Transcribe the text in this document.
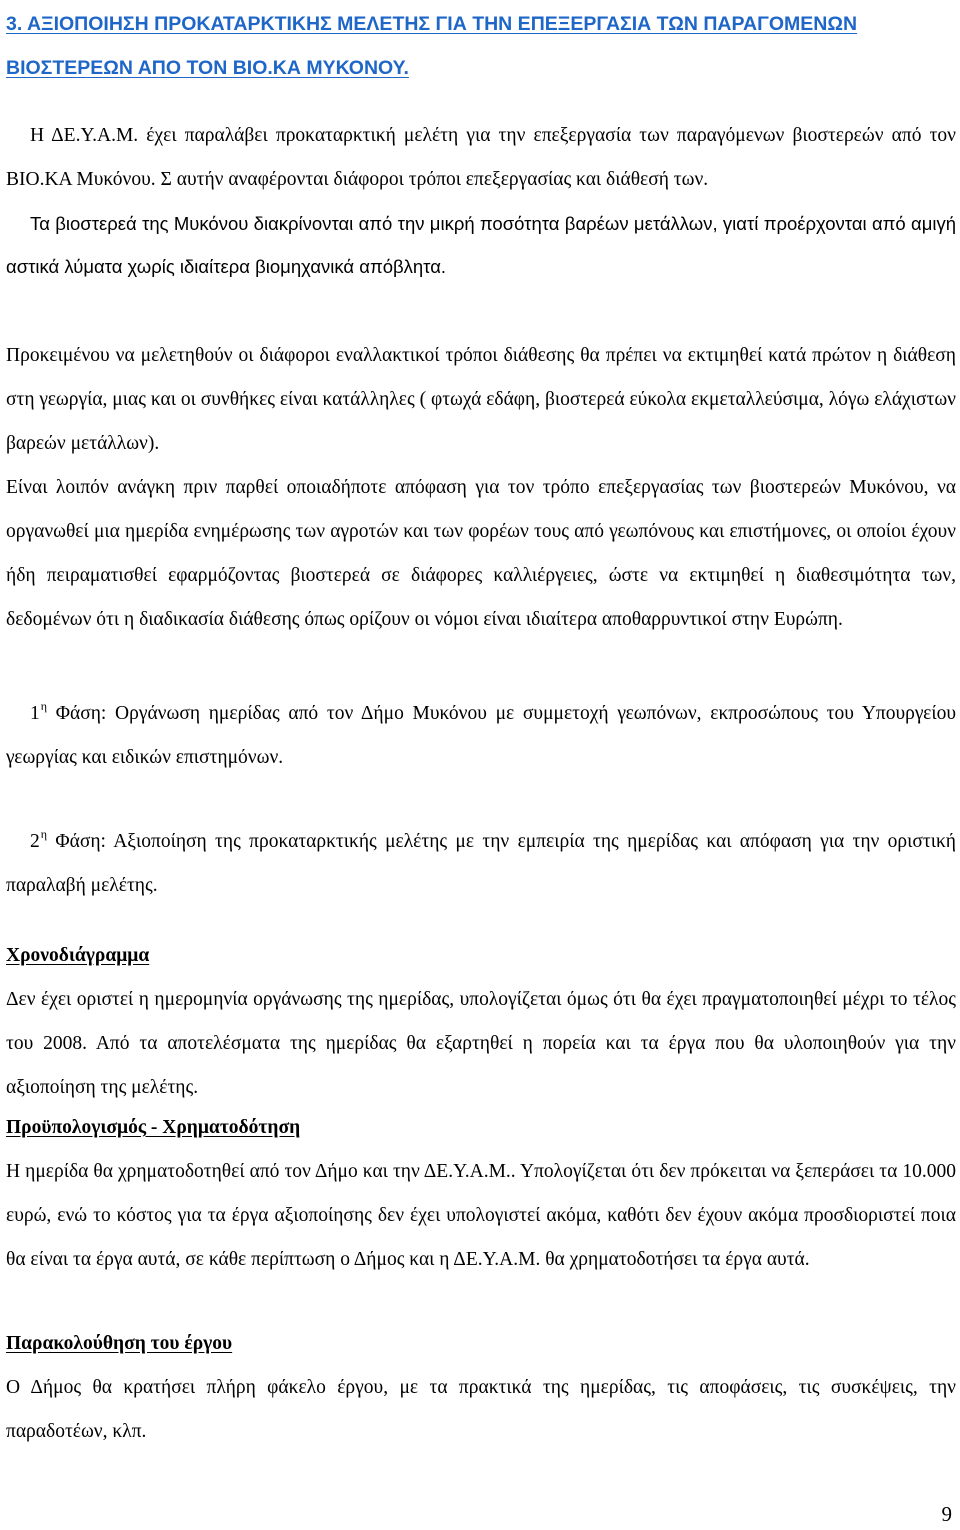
3. ΑΞΙΟΠΟΙΗΣΗ ΠΡΟΚΑΤΑΡΚΤΙΚΗΣ ΜΕΛΕΤΗΣ ΓΙΑ ΤΗΝ ΕΠΕΞΕΡΓΑΣΙΑ ΤΩΝ ΠΑΡΑΓΟΜΕΝΩΝ ΒΙΟΣΤΕΡΕΩΝ ΑΠΟ ΤΟΝ ΒΙΟ.ΚΑ ΜΥΚΟΝΟΥ.

Η ΔΕ.Υ.Α.Μ. έχει παραλάβει προκαταρκτική μελέτη για την επεξεργασία των παραγόμενων βιοστερεών από τον ΒΙΟ.ΚΑ Μυκόνου. Σ αυτήν αναφέρονται διάφοροι τρόποι επεξεργασίας και διάθεσή των.

Τα βιοστερεά της Μυκόνου διακρίνονται από την μικρή ποσότητα βαρέων μετάλλων, γιατί προέρχονται από αμιγή αστικά λύματα χωρίς ιδιαίτερα βιομηχανικά απόβλητα.

Προκειμένου να μελετηθούν οι διάφοροι εναλλακτικοί τρόποι διάθεσης θα πρέπει να εκτιμηθεί κατά πρώτον η διάθεση στη γεωργία, μιας και οι συνθήκες είναι κατάλληλες ( φτωχά εδάφη, βιοστερεά εύκολα εκμεταλλεύσιμα, λόγω ελάχιστων βαρεών μετάλλων).

Είναι λοιπόν ανάγκη πριν παρθεί οποιαδήποτε απόφαση για τον τρόπο επεξεργασίας των βιοστερεών Μυκόνου, να οργανωθεί μια ημερίδα ενημέρωσης των αγροτών και των φορέων τους από γεωπόνους και επιστήμονες, οι οποίοι έχουν ήδη πειραματισθεί εφαρμόζοντας βιοστερεά σε διάφορες καλλιέργειες, ώστε να εκτιμηθεί η διαθεσιμότητα των, δεδομένων ότι η διαδικασία διάθεσης όπως ορίζουν οι νόμοι είναι ιδιαίτερα αποθαρρυντικοί στην Ευρώπη.

$1^\eta$ Φάση: Οργάνωση ημερίδας από τον Δήμο Μυκόνου με συμμετοχή γεωπόνων, εκπροσώπους του Υπουργείου γεωργίας και ειδικών επιστημόνων.

$2^\eta$ Φάση: Αξιοποίηση της προκαταρκτικής μελέτης με την εμπειρία της ημερίδας και απόφαση για την οριστική παραλαβή μελέτης.

Χρονοδιάγραμμα

Δεν έχει οριστεί η ημερομηνία οργάνωσης της ημερίδας, υπολογίζεται όμως ότι θα έχει πραγματοποιηθεί μέχρι το τέλος του 2008. Από τα αποτελέσματα της ημερίδας θα εξαρτηθεί η πορεία και τα έργα που θα υλοποιηθούν για την αξιοποίηση της μελέτης.

Προϋπολογισμός - Χρηματοδότηση

Η ημερίδα θα χρηματοδοτηθεί από τον Δήμο και την ΔΕ.Υ.Α.Μ.. Υπολογίζεται ότι δεν πρόκειται να ξεπεράσει τα 10.000 ευρώ, ενώ το κόστος για τα έργα αξιοποίησης δεν έχει υπολογιστεί ακόμα, καθότι δεν έχουν ακόμα προσδιοριστεί ποια θα είναι τα έργα αυτά, σε κάθε περίπτωση ο Δήμος και η ΔΕ.Υ.Α.Μ. θα χρηματοδοτήσει τα έργα αυτά.

Παρακολούθηση του έργου

Ο Δήμος θα κρατήσει πλήρη φάκελο έργου, με τα πρακτικά της ημερίδας, τις αποφάσεις, τις συσκέψεις, την παραδοτέων, κλπ.

9
